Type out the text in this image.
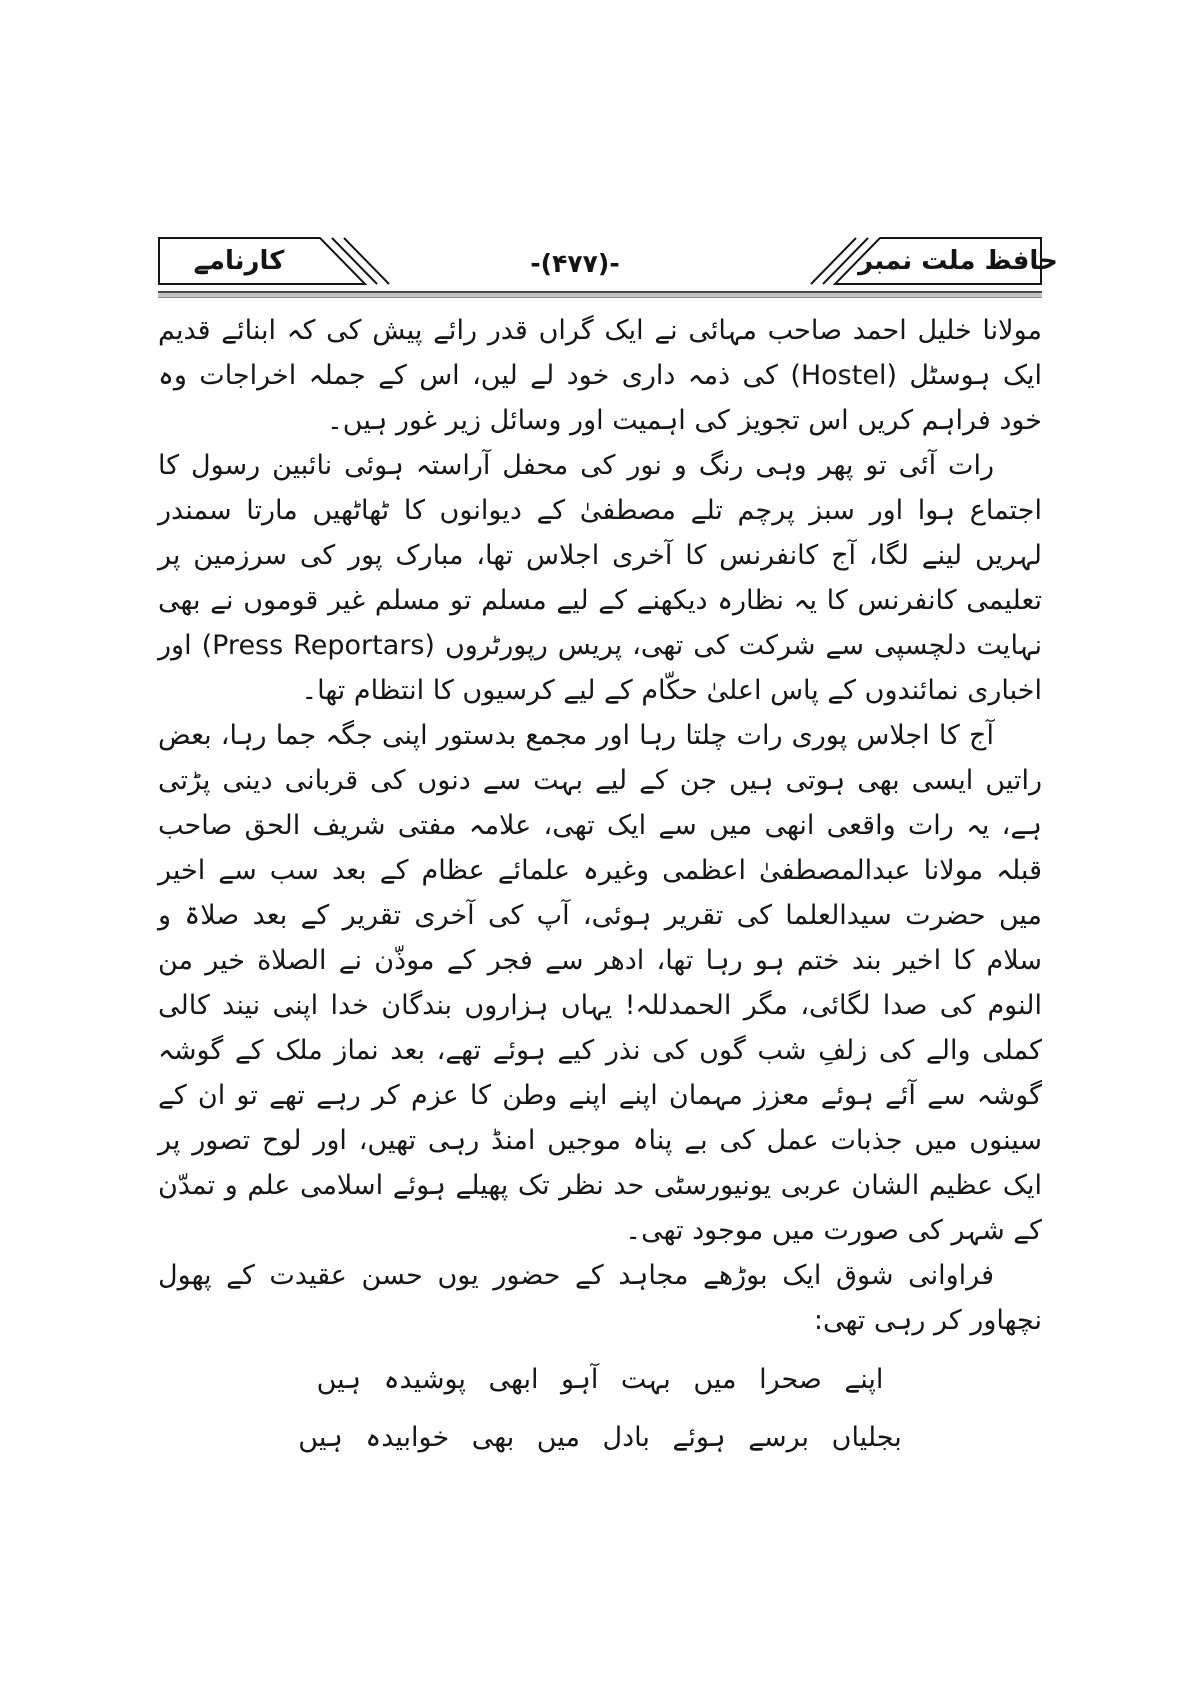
کارنامے	-(۴۷۷)-	حافظ ملت نمبر

مولانا خلیل احمد صاحب مہائی نے ایک گراں قدر رائے پیش کی کہ ابنائے قدیم ایک ہوسٹل (Hostel) کی ذمہ داری خود لے لیں، اس کے جملہ اخراجات وہ خود فراہم کریں اس تجویز کی اہمیت اور وسائل زیر غور ہیں۔

رات آئی تو پھر وہی رنگ و نور کی محفل آراستہ ہوئی نائبین رسول کا اجتماع ہوا اور سبز پرچم تلے مصطفیٰ کے دیوانوں کا ٹھاٹھیں مارتا سمندر لہریں لینے لگا، آج کانفرنس کا آخری اجلاس تھا، مبارک پور کی سرزمین پر تعلیمی کانفرنس کا یہ نظارہ دیکھنے کے لیے مسلم تو مسلم غیر قوموں نے بھی نہایت دلچسپی سے شرکت کی تھی، پریس رپورٹروں (Press Reportars) اور اخباری نمائندوں کے پاس اعلیٰ حکّام کے لیے کرسیوں کا انتظام تھا۔

آج کا اجلاس پوری رات چلتا رہا اور مجمع بدستور اپنی جگہ جما رہا، بعض راتیں ایسی بھی ہوتی ہیں جن کے لیے بہت سے دنوں کی قربانی دینی پڑتی ہے، یہ رات واقعی انھی میں سے ایک تھی، علامہ مفتی شریف الحق صاحب قبلہ مولانا عبدالمصطفیٰ اعظمی وغیرہ علمائے عظام کے بعد سب سے اخیر میں حضرت سیدالعلما کی تقریر ہوئی، آپ کی آخری تقریر کے بعد صلاۃ و سلام کا اخیر بند ختم ہو رہا تھا، ادھر سے فجر کے موذّن نے الصلاة خير من النوم کی صدا لگائی، مگر الحمدللہ! یہاں ہزاروں بندگان خدا اپنی نیند کالی کملی والے کی زلفِ شب گوں کی نذر کیے ہوئے تھے، بعد نماز ملک کے گوشہ گوشہ سے آئے ہوئے معزز مہمان اپنے اپنے وطن کا عزم کر رہے تھے تو ان کے سینوں میں جذبات عمل کی بے پناہ موجیں امنڈ رہی تھیں، اور لوح تصور پر ایک عظیم الشان عربی یونیورسٹی حد نظر تک پھیلے ہوئے اسلامی علم و تمدّن کے شہر کی صورت میں موجود تھی۔

فراوانی شوق ایک بوڑھے مجاہد کے حضور یوں حسن عقیدت کے پھول نچھاور کر رہی تھی:

اپنے صحرا میں بہت آہو ابھی پوشیدہ ہیں
بجلیاں برسے ہوئے بادل میں بھی خوابیدہ ہیں
